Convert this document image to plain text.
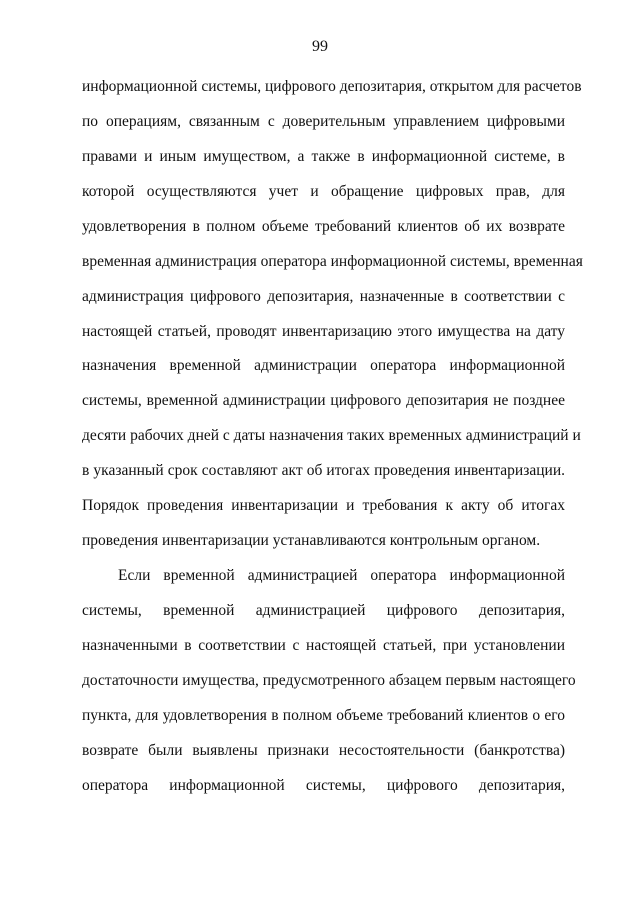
99
информационной системы, цифрового депозитария, открытом для расчетов
по операциям, связанным с доверительным управлением цифровыми
правами и иным имуществом, а также в информационной системе, в
которой осуществляются учет и обращение цифровых прав, для
удовлетворения в полном объеме требований клиентов об их возврате
временная администрация оператора информационной системы, временная
администрация цифрового депозитария, назначенные в соответствии с
настоящей статьей, проводят инвентаризацию этого имущества на дату
назначения временной администрации оператора информационной
системы, временной администрации цифрового депозитария не позднее
десяти рабочих дней с даты назначения таких временных администраций и
в указанный срок составляют акт об итогах проведения инвентаризации.
Порядок проведения инвентаризации и требования к акту об итогах
проведения инвентаризации устанавливаются контрольным органом.
Если временной администрацией оператора информационной
системы, временной администрацией цифрового депозитария,
назначенными в соответствии с настоящей статьей, при установлении
достаточности имущества, предусмотренного абзацем первым настоящего
пункта, для удовлетворения в полном объеме требований клиентов о его
возврате были выявлены признаки несостоятельности (банкротства)
оператора информационной системы, цифрового депозитария,
